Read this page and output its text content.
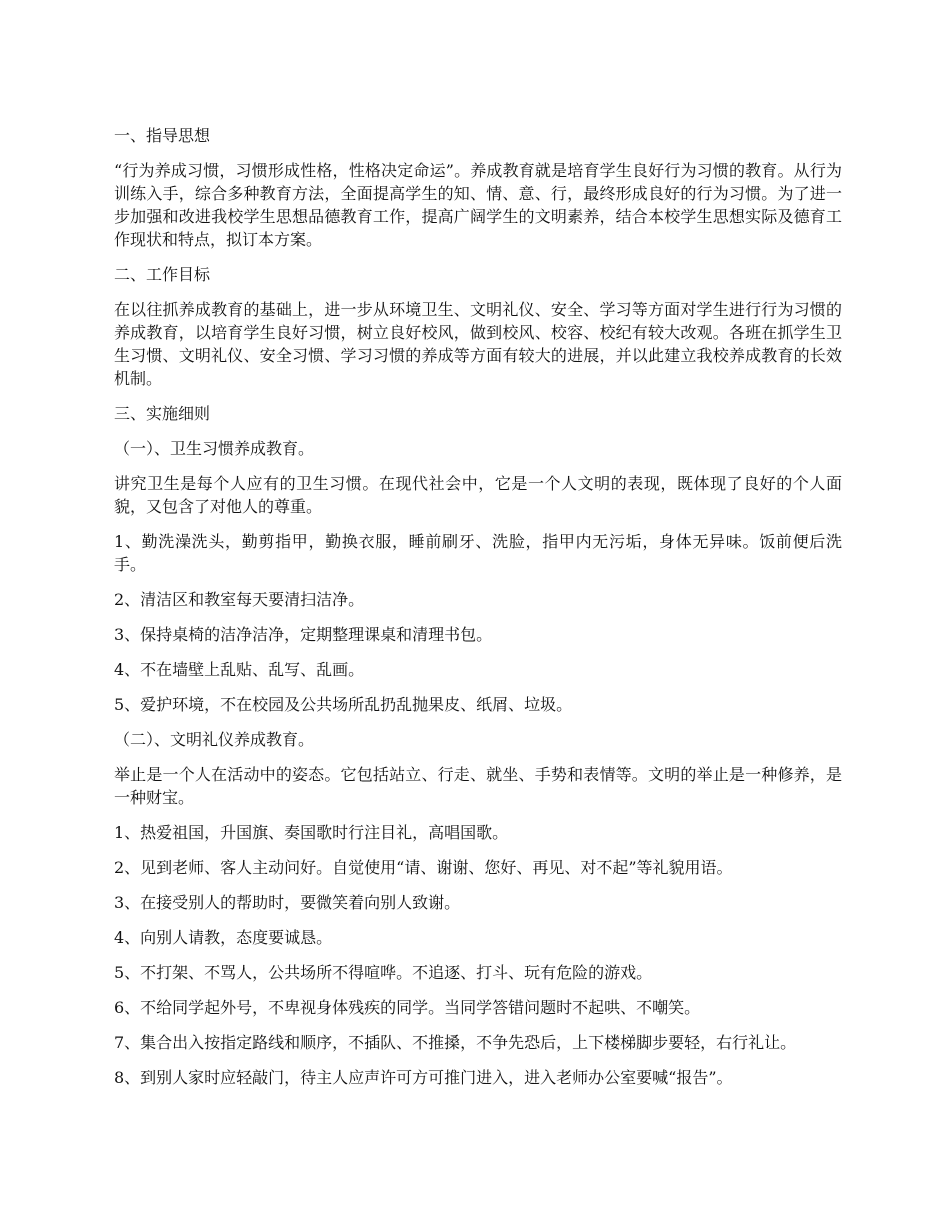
一、指导思想

“行为养成习惯，习惯形成性格，性格决定命运”。养成教育就是培育学生良好行为习惯的教育。从行为训练入手，综合多种教育方法，全面提高学生的知、情、意、行，最终形成良好的行为习惯。为了进一步加强和改进我校学生思想品德教育工作，提高广阔学生的文明素养，结合本校学生思想实际及德育工作现状和特点，拟订本方案。

二、工作目标

在以往抓养成教育的基础上，进一步从环境卫生、文明礼仪、安全、学习等方面对学生进行行为习惯的养成教育，以培育学生良好习惯，树立良好校风，做到校风、校容、校纪有较大改观。各班在抓学生卫生习惯、文明礼仪、安全习惯、学习习惯的养成等方面有较大的进展，并以此建立我校养成教育的长效机制。

三、实施细则

（一）、卫生习惯养成教育。

讲究卫生是每个人应有的卫生习惯。在现代社会中，它是一个人文明的表现，既体现了良好的个人面貌，又包含了对他人的尊重。

1、勤洗澡洗头，勤剪指甲，勤换衣服，睡前刷牙、洗脸，指甲内无污垢，身体无异味。饭前便后洗手。

2、清洁区和教室每天要清扫洁净。

3、保持桌椅的洁净洁净，定期整理课桌和清理书包。

4、不在墙壁上乱贴、乱写、乱画。

5、爱护环境，不在校园及公共场所乱扔乱抛果皮、纸屑、垃圾。

（二）、文明礼仪养成教育。

举止是一个人在活动中的姿态。它包括站立、行走、就坐、手势和表情等。文明的举止是一种修养，是一种财宝。

1、热爱祖国，升国旗、奏国歌时行注目礼，高唱国歌。

2、见到老师、客人主动问好。自觉使用“请、谢谢、您好、再见、对不起”等礼貌用语。

3、在接受别人的帮助时，要微笑着向别人致谢。

4、向别人请教，态度要诚恳。

5、不打架、不骂人，公共场所不得喧哗。不追逐、打斗、玩有危险的游戏。

6、不给同学起外号，不卑视身体残疾的同学。当同学答错问题时不起哄、不嘲笑。

7、集合出入按指定路线和顺序，不插队、不推搡，不争先恐后，上下楼梯脚步要轻，右行礼让。

8、到别人家时应轻敲门，待主人应声许可方可推门进入，进入老师办公室要喊“报告”。
